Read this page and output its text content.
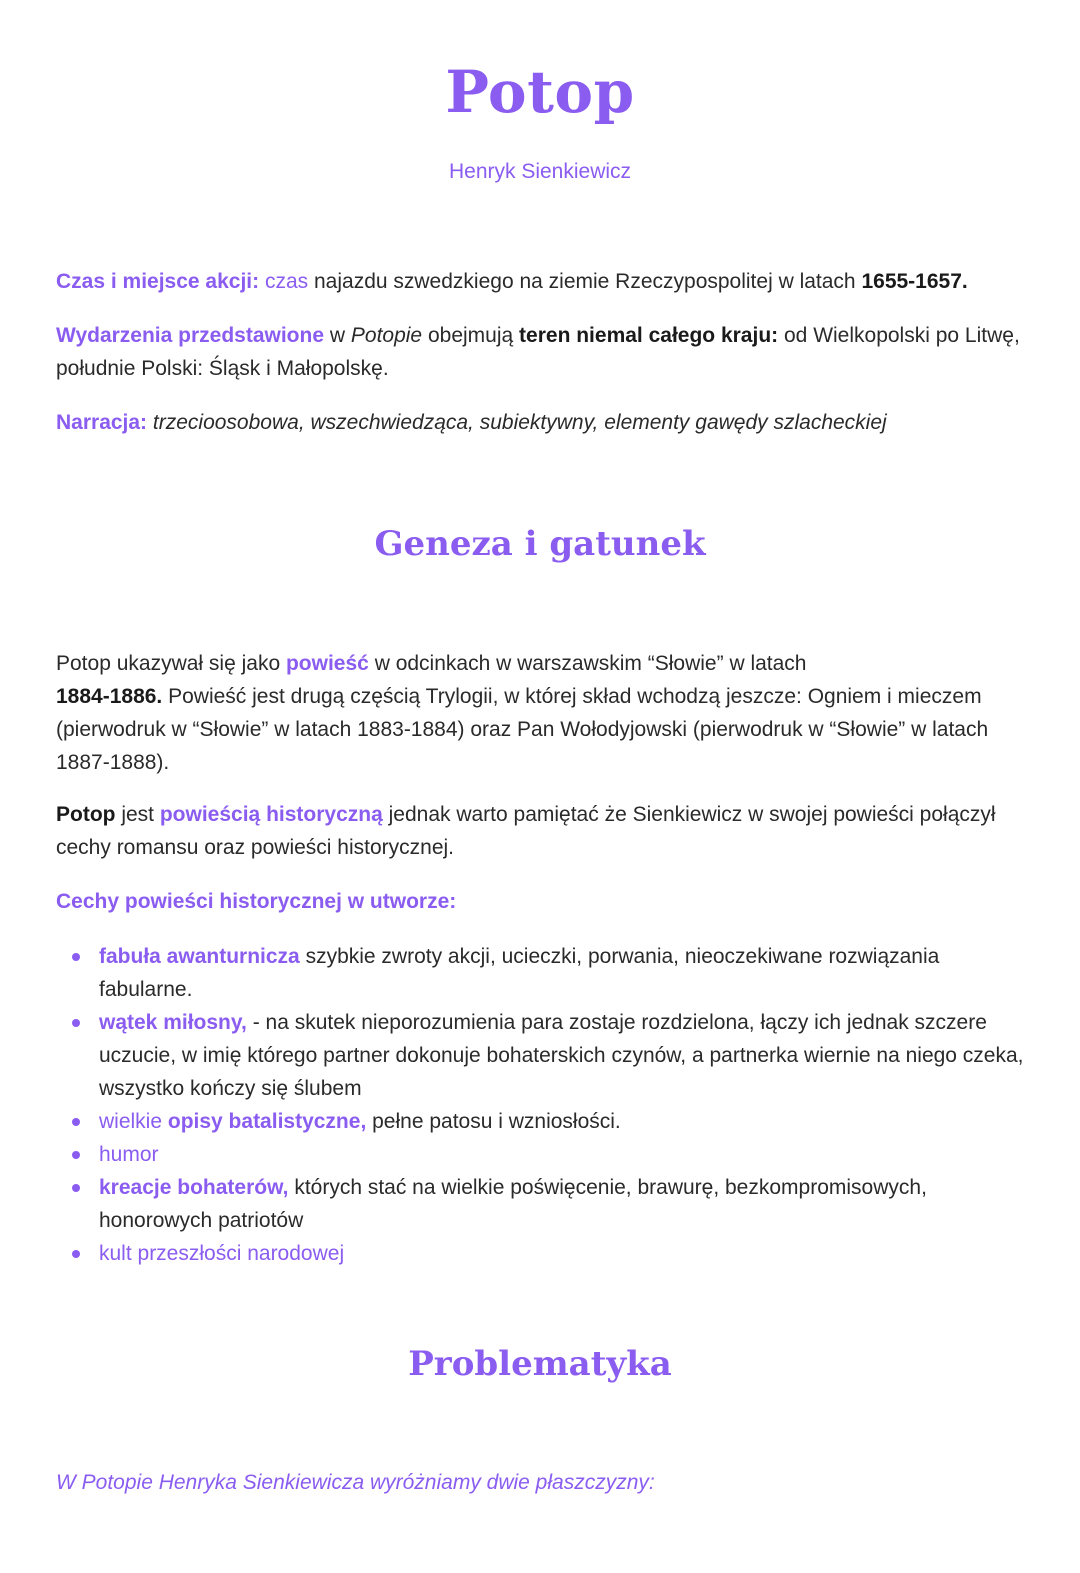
Potop
Henryk Sienkiewicz
Czas i miejsce akcji: czas najazdu szwedzkiego na ziemie Rzeczypospolitej w latach 1655-1657.
Wydarzenia przedstawione w Potopie obejmują teren niemal całego kraju: od Wielkopolski po Litwę, południe Polski: Śląsk i Małopolskę.
Narracja: trzecioosobowa, wszechwiedząca, subiektywny, elementy gawędy szlacheckiej
Geneza i gatunek
Potop ukazywał się jako powieść w odcinkach w warszawskim “Słowie” w latach
1884-1886. Powieść jest drugą częścią Trylogii, w której skład wchodzą jeszcze: Ogniem i mieczem (pierwodruk w “Słowie” w latach 1883-1884) oraz Pan Wołodyjowski (pierwodruk w “Słowie” w latach 1887-1888).
Potop jest powieścią historyczną jednak warto pamiętać że Sienkiewicz w swojej powieści połączył cechy romansu oraz powieści historycznej.
Cechy powieści historycznej w utworze:
fabuła awanturnicza szybkie zwroty akcji, ucieczki, porwania, nieoczekiwane rozwiązania fabularne.
wątek miłosny, - na skutek nieporozumienia para zostaje rozdzielona, łączy ich jednak szczere uczucie, w imię którego partner dokonuje bohaterskich czynów, a partnerka wiernie na niego czeka, wszystko kończy się ślubem
wielkie opisy batalistyczne, pełne patosu i wzniosłości.
humor
kreacje bohaterów, których stać na wielkie poświęcenie, brawurę, bezkompromisowych, honorowych patriotów
kult przeszłości narodowej
Problematyka
W Potopie Henryka Sienkiewicza wyróżniamy dwie płaszczyzny:
